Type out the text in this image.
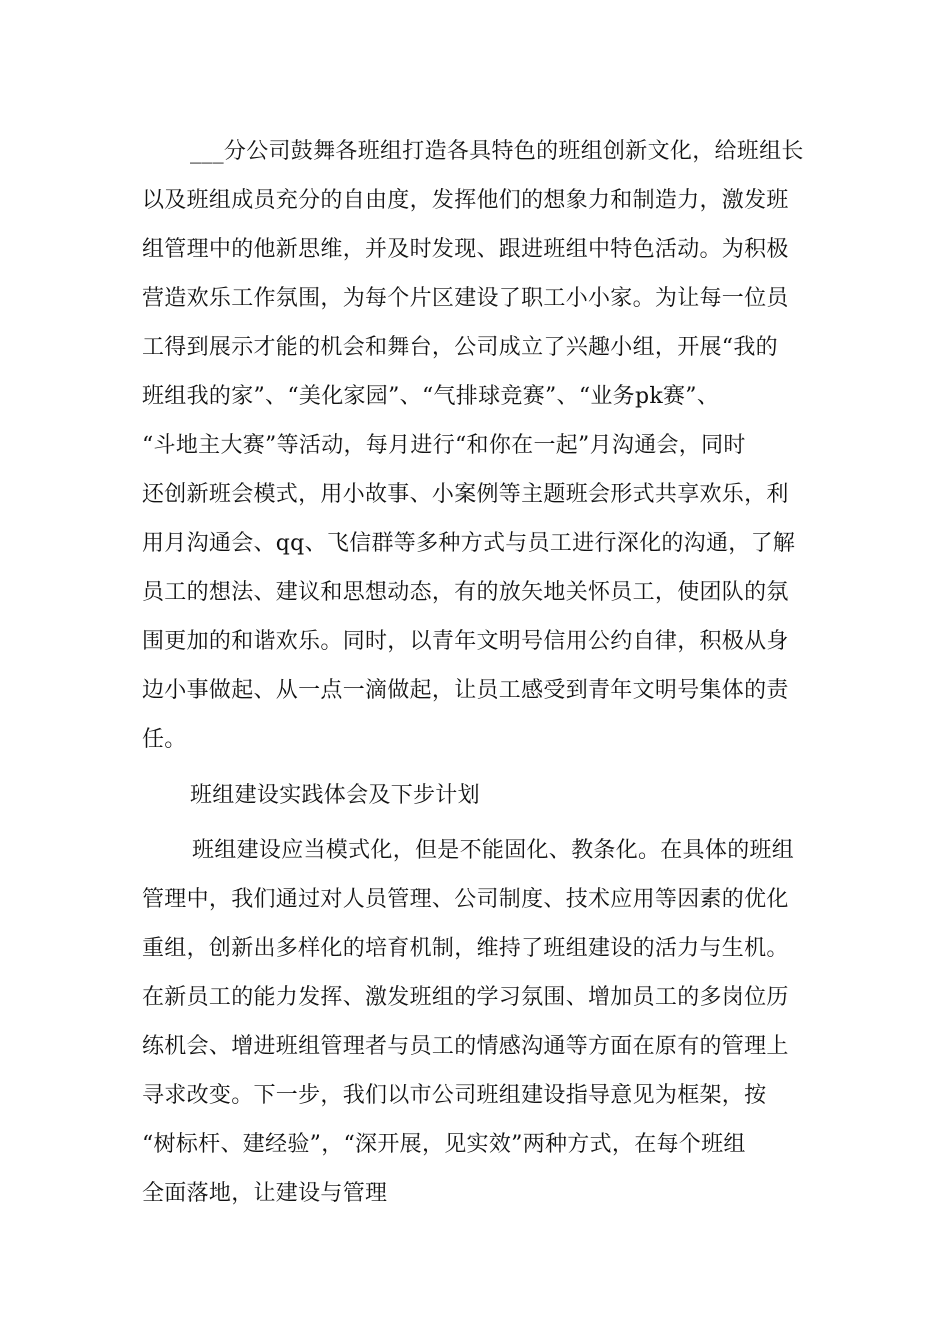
___分公司鼓舞各班组打造各具特色的班组创新文化，给班组长
以及班组成员充分的自由度，发挥他们的想象力和制造力，激发班
组管理中的他新思维，并及时发现、跟进班组中特色活动。为积极
营造欢乐工作氛围，为每个片区建设了职工小小家。为让每一位员
工得到展示才能的机会和舞台，公司成立了兴趣小组，开展“我的
班组我的家”、“美化家园”、“气排球竞赛”、“业务pk赛”、
“斗地主大赛”等活动，每月进行“和你在一起”月沟通会，同时
还创新班会模式，用小故事、小案例等主题班会形式共享欢乐，利
用月沟通会、qq、飞信群等多种方式与员工进行深化的沟通，了解
员工的想法、建议和思想动态，有的放矢地关怀员工，使团队的氛
围更加的和谐欢乐。同时，以青年文明号信用公约自律，积极从身
边小事做起、从一点一滴做起，让员工感受到青年文明号集体的责
任。
班组建设实践体会及下步计划
班组建设应当模式化，但是不能固化、教条化。在具体的班组
管理中，我们通过对人员管理、公司制度、技术应用等因素的优化
重组，创新出多样化的培育机制，维持了班组建设的活力与生机。
在新员工的能力发挥、激发班组的学习氛围、增加员工的多岗位历
练机会、增进班组管理者与员工的情感沟通等方面在原有的管理上
寻求改变。下一步，我们以市公司班组建设指导意见为框架，按
“树标杆、建经验”，“深开展，见实效”两种方式，在每个班组
全面落地，让建设与管理
